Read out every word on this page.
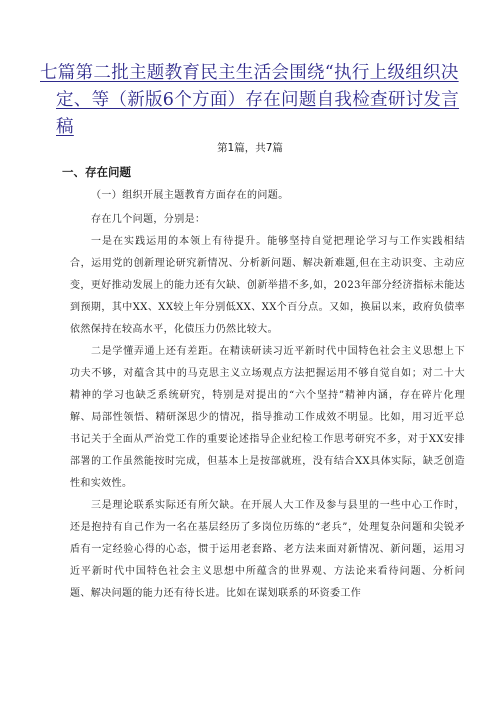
七篇第二批主题教育民主生活会围绕“执行上级组织决
定、等（新版6个方面）存在问题自我检查研讨发言稿
第1篇，共7篇
一、存在问题

（一）组织开展主题教育方面存在的问题。

存在几个问题，分别是：

一是在实践运用的本领上有待提升。能够坚持自觉把理论学习与工作实践相结合，运用党的创新理论研究新情况、分析新问题、解决新难题,但在主动识变、主动应变，更好推动发展上的能力还有欠缺、创新举措不多,如，2023年部分经济指标未能达到预期，其中XX、XX较上年分别低XX、XX个百分点。又如，换届以来，政府负债率依然保持在较高水平，化债压力仍然比较大。

二是学懂弄通上还有差距。在精读研读习近平新时代中国特色社会主义思想上下功夫不够，对蕴含其中的马克思主义立场观点方法把握运用不够自觉自如；对二十大精神的学习也缺乏系统研究，特别是对提出的“六个坚持”精神内涵，存在碎片化理解、局部性领悟、精研深思少的情况，指导推动工作成效不明显。比如，用习近平总书记关于全面从严治党工作的重要论述指导企业纪检工作思考研究不多，对于XX安排部署的工作虽然能按时完成，但基本上是按部就班，没有结合XX具体实际，缺乏创造性和实效性。

三是理论联系实际还有所欠缺。在开展人大工作及参与县里的一些中心工作时，还是抱持有自己作为一名在基层经历了多岗位历练的“老兵”，处理复杂问题和尖锐矛盾有一定经验心得的心态，惯于运用老套路、老方法来面对新情况、新问题，运用习近平新时代中国特色社会主义思想中所蕴含的世界观、方法论来看待问题、分析问题、解决问题的能力还有待长进。比如在谋划联系的环资委工作
